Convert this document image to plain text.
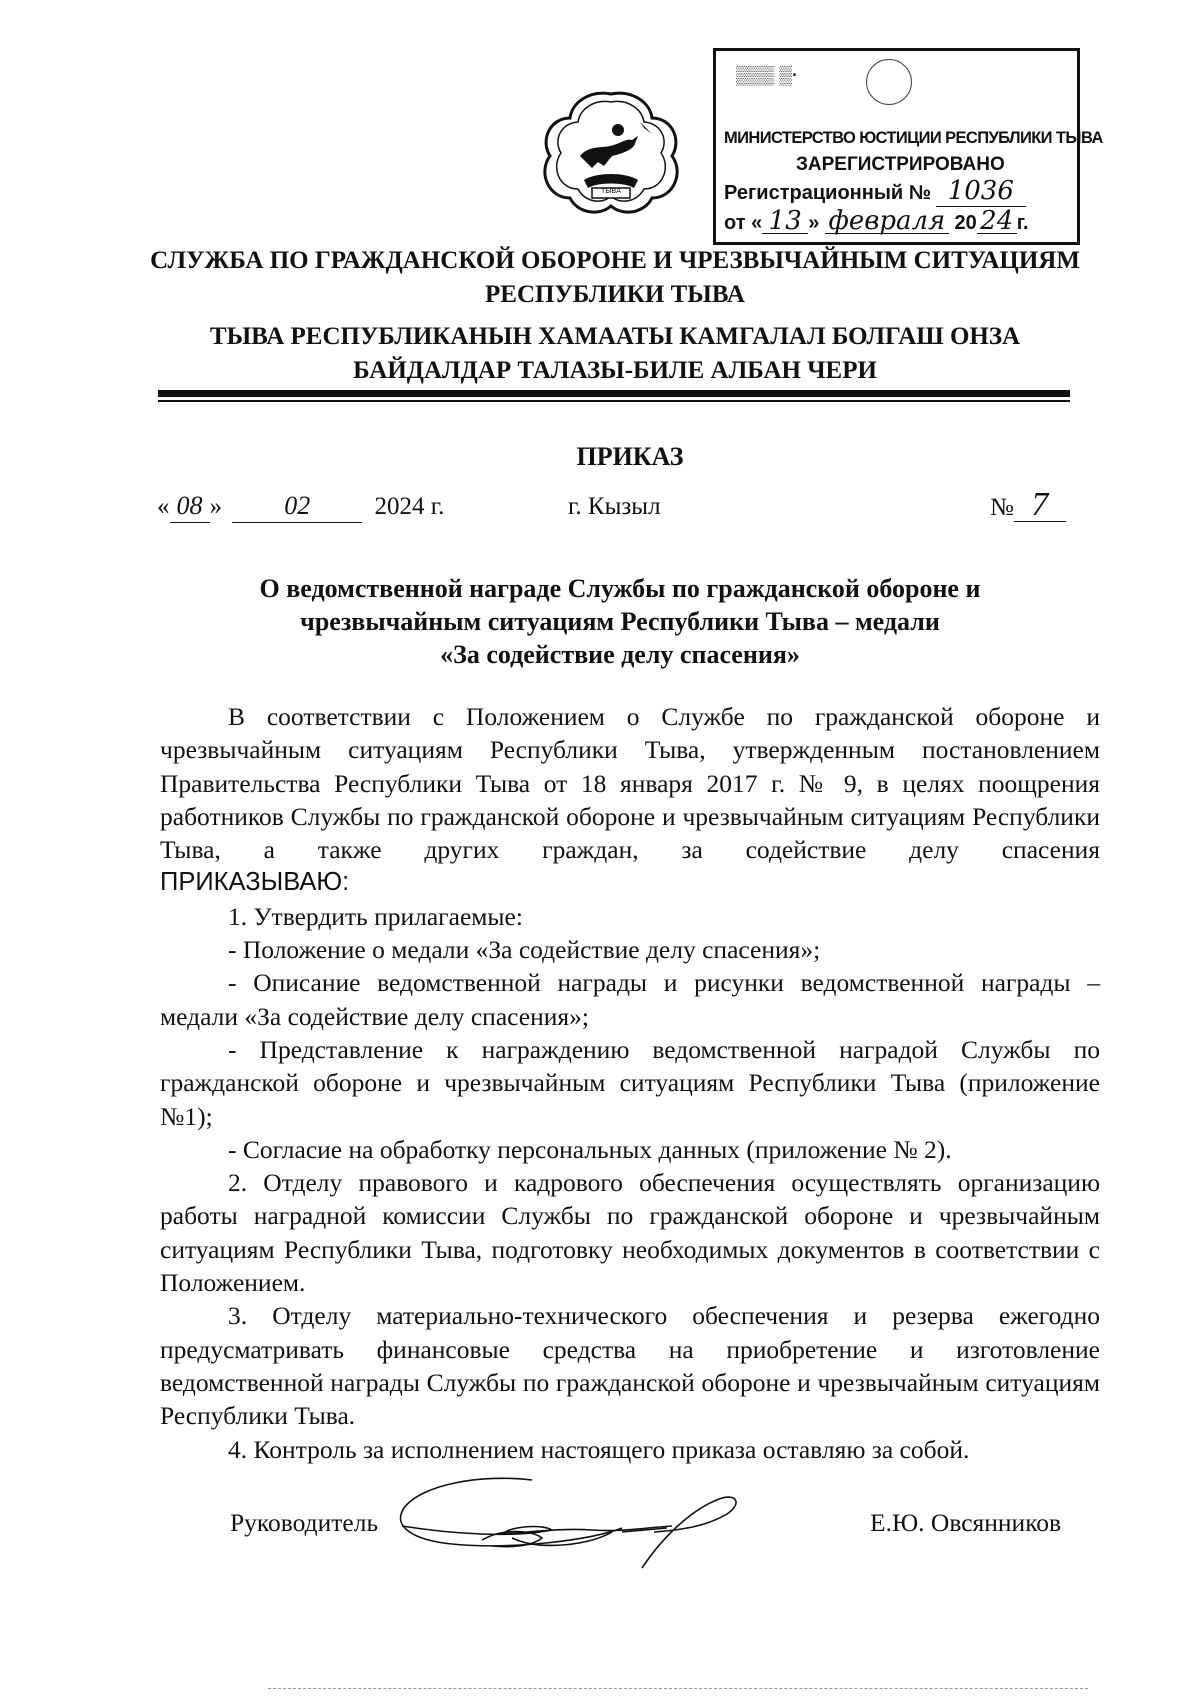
ТЫВА
▒▒▒ ▒·
МИНИСТЕРСТВО ЮСТИЦИИ РЕСПУБЛИКИ ТЫВА
ЗАРЕГИСТРИРОВАНО
Регистрационный № 1036
от « 13 » февраля 20 24 г.
СЛУЖБА ПО ГРАЖДАНСКОЙ ОБОРОНЕ И ЧРЕЗВЫЧАЙНЫМ СИТУАЦИЯМ
РЕСПУБЛИКИ ТЫВА
ТЫВА РЕСПУБЛИКАНЫН ХАМААТЫ КАМГАЛАЛ БОЛГАШ ОНЗА
БАЙДАЛДАР ТАЛАЗЫ-БИЛЕ АЛБАН ЧЕРИ
ПРИКАЗ
« 08 » 02	2024 г.	г. Кызыл	№ 7
О ведомственной награде Службы по гражданской обороне и
чрезвычайным ситуациям Республики Тыва – медали
«За содействие делу спасения»

В соответствии с Положением о Службе по гражданской обороне и чрезвычайным ситуациям Республики Тыва, утвержденным постановлением Правительства Республики Тыва от 18 января 2017 г. № 9, в целях поощрения работников Службы по гражданской обороне и чрезвычайным ситуациям Республики Тыва, а также других граждан, за содействие делу спасения

ПРИКАЗЫВАЮ:

1. Утвердить прилагаемые:

- Положение о медали «За содействие делу спасения»;

- Описание ведомственной награды и рисунки ведомственной награды – медали «За содействие делу спасения»;

- Представление к награждению ведомственной наградой Службы по гражданской обороне и чрезвычайным ситуациям Республики Тыва (приложение №1);

- Согласие на обработку персональных данных (приложение № 2).

2. Отделу правового и кадрового обеспечения осуществлять организацию работы наградной комиссии Службы по гражданской обороне и чрезвычайным ситуациям Республики Тыва, подготовку необходимых документов в соответствии с Положением.

3. Отделу материально-технического обеспечения и резерва ежегодно предусматривать финансовые средства на приобретение и изготовление ведомственной награды Службы по гражданской обороне и чрезвычайным ситуациям Республики Тыва.

4. Контроль за исполнением настоящего приказа оставляю за собой.

Руководитель	Е.Ю. Овсянников
